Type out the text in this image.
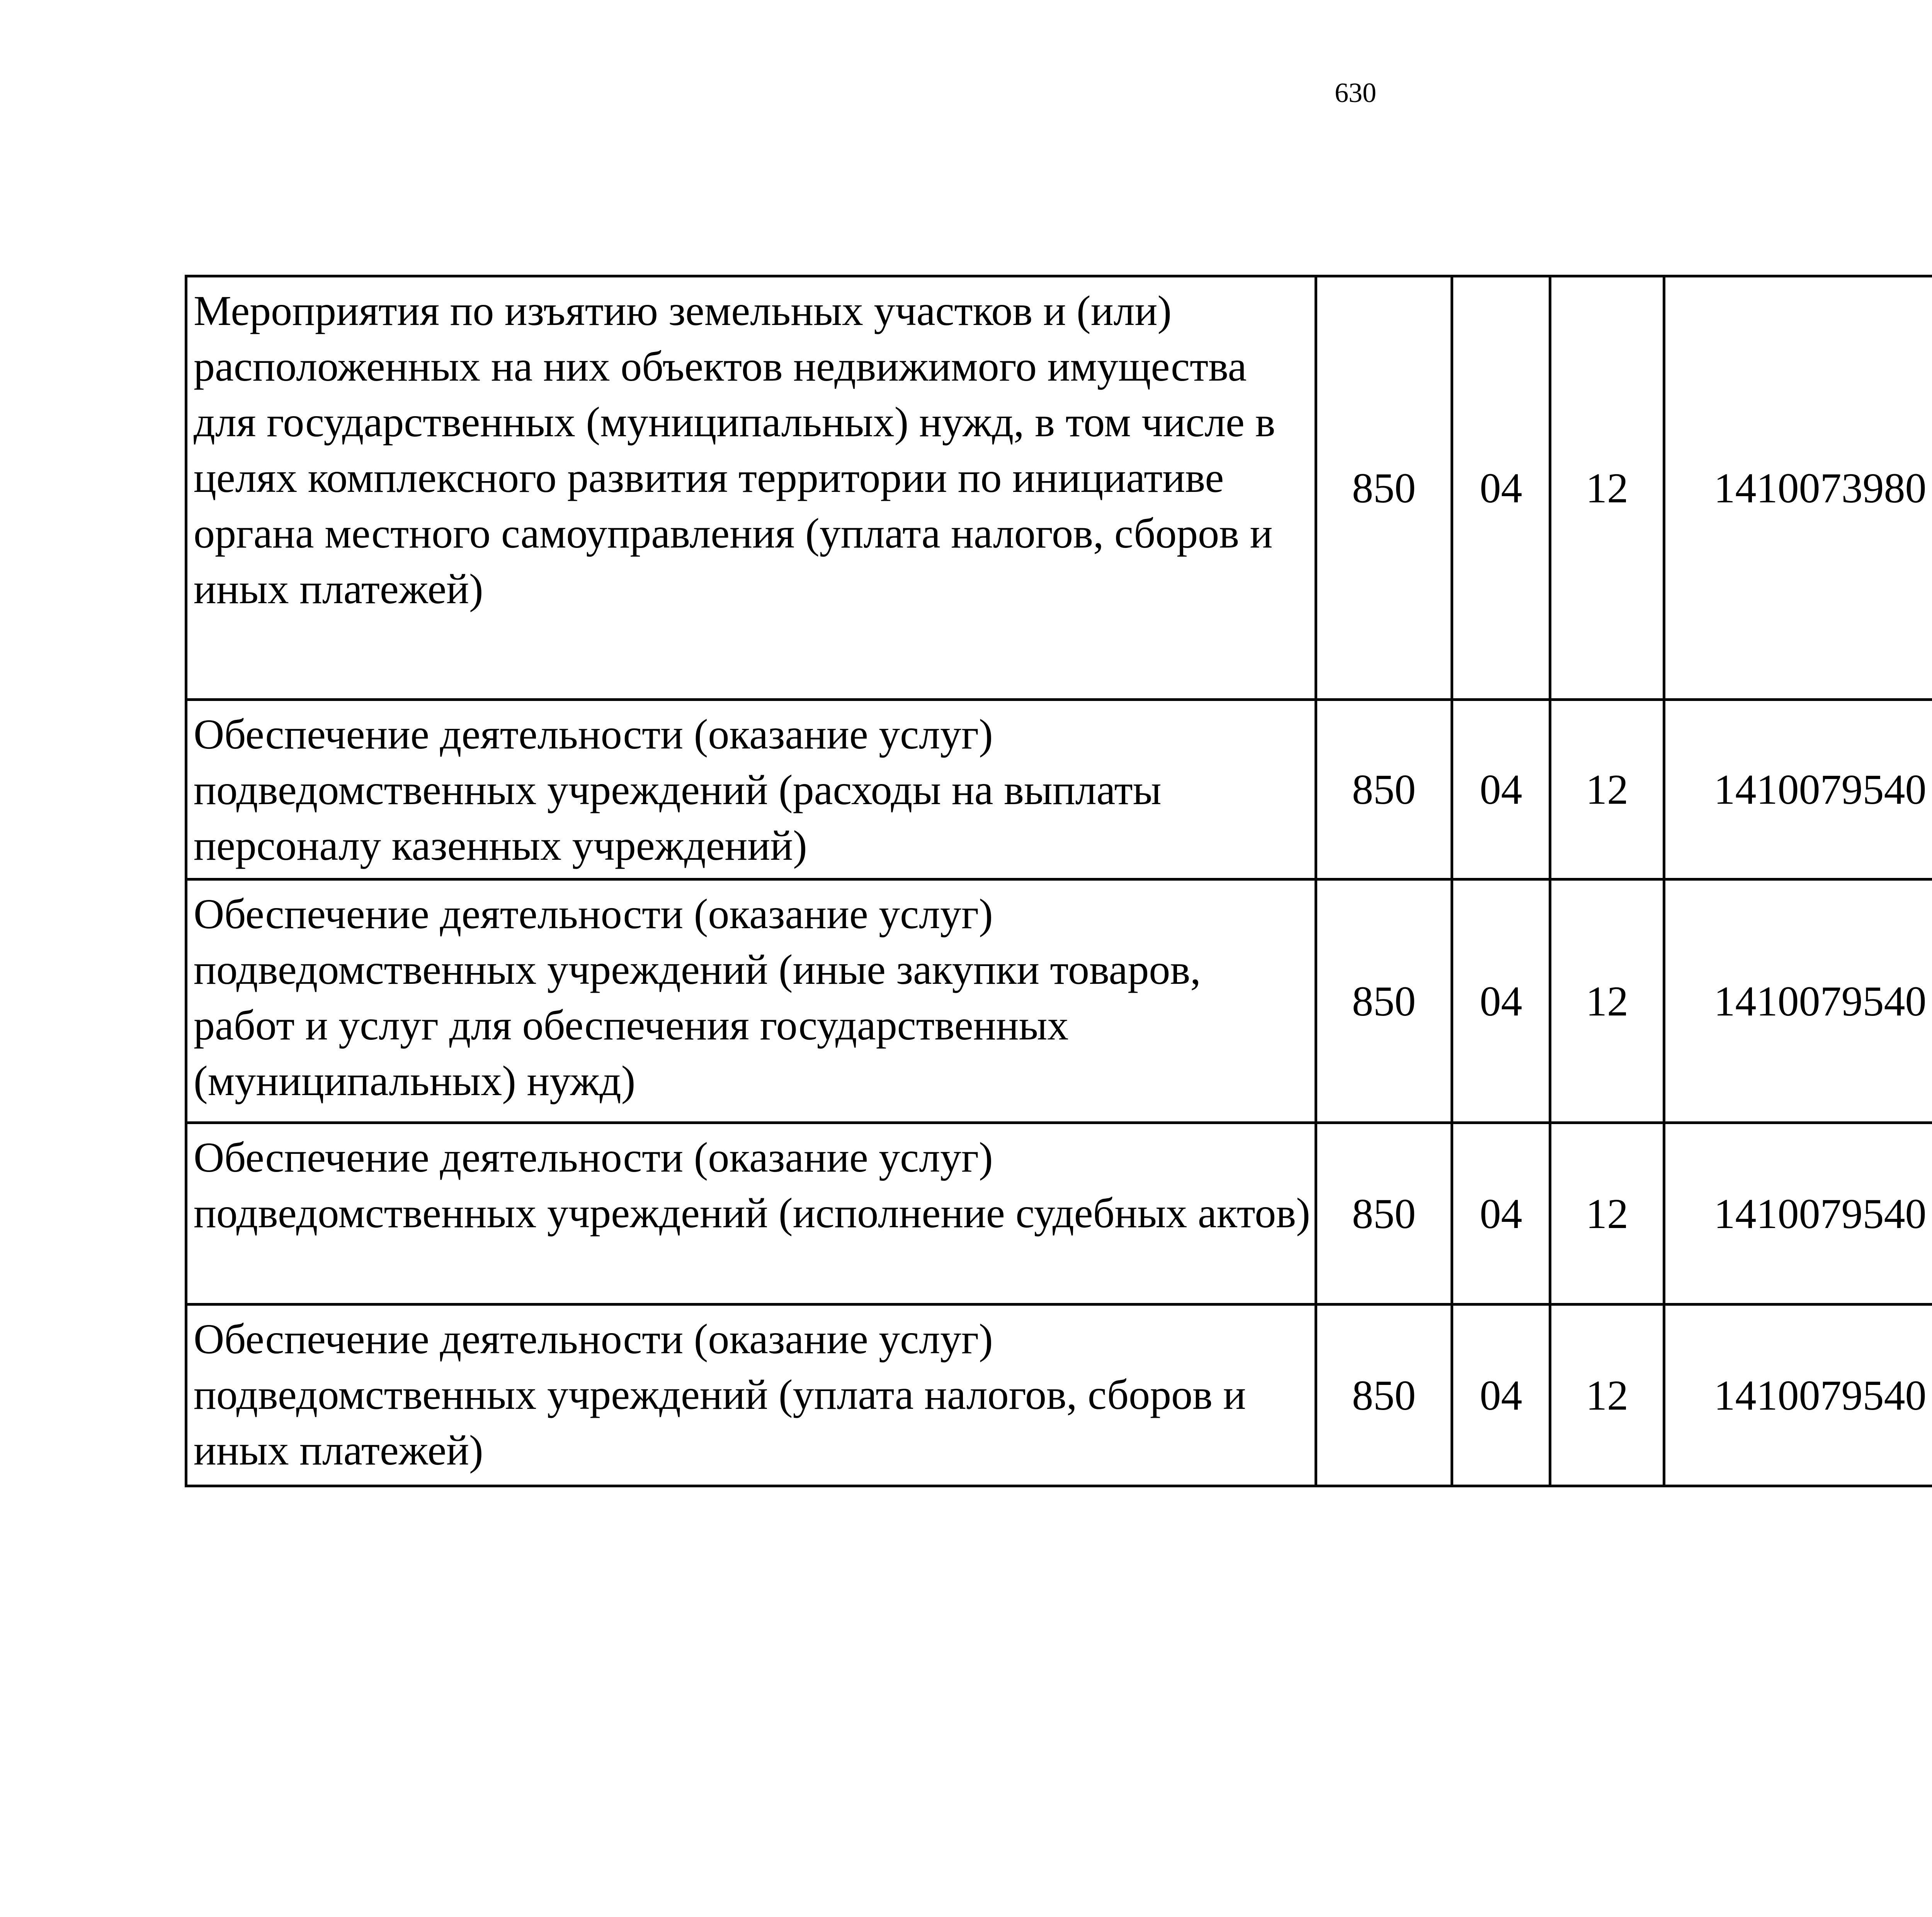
630
Мероприятия по изъятию земельных участков и (или) расположенных на них объектов недвижимого имущества для государственных (муниципальных) нужд, в том числе в целях комплексного развития территории по инициативе органа местного самоуправления (уплата налогов, сборов и иных платежей)	850	04	12	1410073980		
Обеспечение деятельности (оказание услуг) подведомственных учреждений (расходы на выплаты персоналу казенных учреждений)	850	04	12	1410079540		
Обеспечение деятельности (оказание услуг) подведомственных учреждений (иные закупки товаров, работ и услуг для обеспечения государственных (муниципальных) нужд)	850	04	12	1410079540		
Обеспечение деятельности (оказание услуг) подведомственных учреждений (исполнение судебных актов)	850	04	12	1410079540		
Обеспечение деятельности (оказание услуг) подведомственных учреждений (уплата налогов, сборов и иных платежей)	850	04	12	1410079540		
